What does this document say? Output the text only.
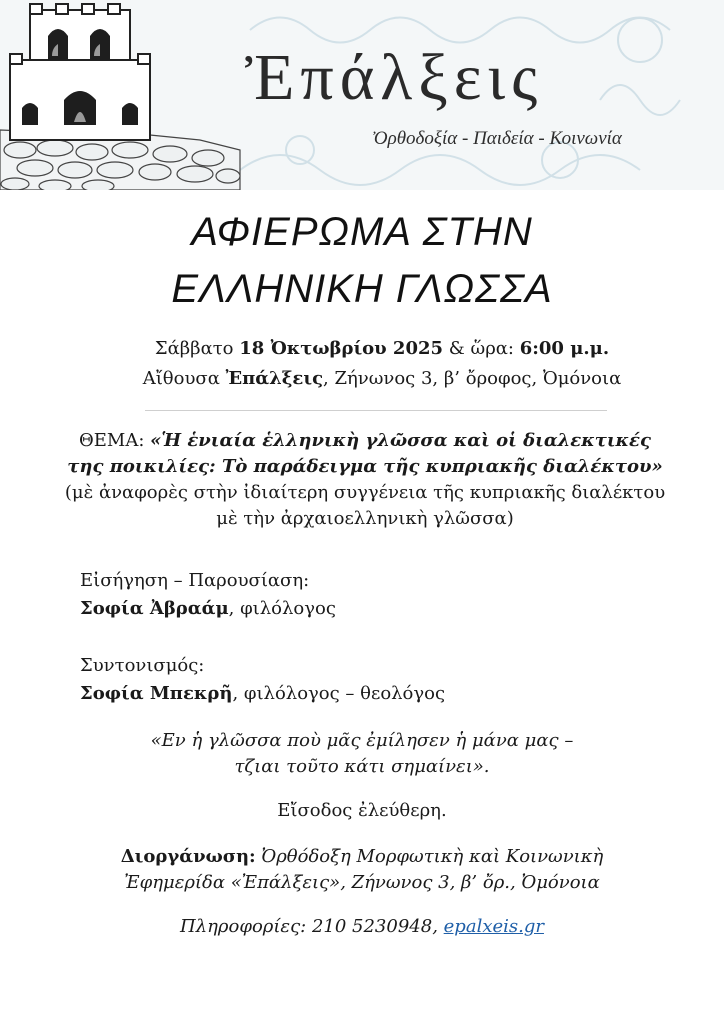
Ἐπάλξεις
Ὀρθοδοξία - Παιδεία - Κοινωνία
ΑΦΙΕΡΩΜΑ ΣΤΗΝ
ΕΛΛΗΝΙΚΗ ΓΛΩΣΣΑ
Σάββατο 18 Ὀκτωβρίου 2025 & ὥρα: 6:00 μ.μ.
Αἴθουσα Ἐπάλξεις, Ζήνωνος 3, β’ ὄροφος, Ὀμόνοια
ΘΕΜΑ: «Ἡ ἑνιαία ἑλληνικὴ γλῶσσα καὶ οἱ διαλεκτικές της ποικιλίες: Τὸ παράδειγμα τῆς κυπριακῆς διαλέκτου»
(μὲ ἀναφορὲς στὴν ἰδιαίτερη συγγένεια τῆς κυπριακῆς διαλέκτου μὲ τὴν ἀρχαιοελληνικὴ γλῶσσα)
Εἰσήγηση – Παρουσίαση:
Σοφία Ἀβραάμ, φιλόλογος
Συντονισμός:
Σοφία Μπεκρῆ, φιλόλογος – θεολόγος
«Εν ἡ γλῶσσα ποὺ μᾶς ἐμίλησεν ἡ μάνα μας –
τζιαι τοῦτο κάτι σημαίνει».
Εἴσοδος ἐλεύθερη.
Διοργάνωση: Ὀρθόδοξη Μορφωτικὴ καὶ Κοινωνικὴ
Ἐφημερίδα «Ἐπάλξεις», Ζήνωνος 3, β’ ὄρ., Ὀμόνοια
Πληροφορίες: 210 5230948, epalxeis.gr
